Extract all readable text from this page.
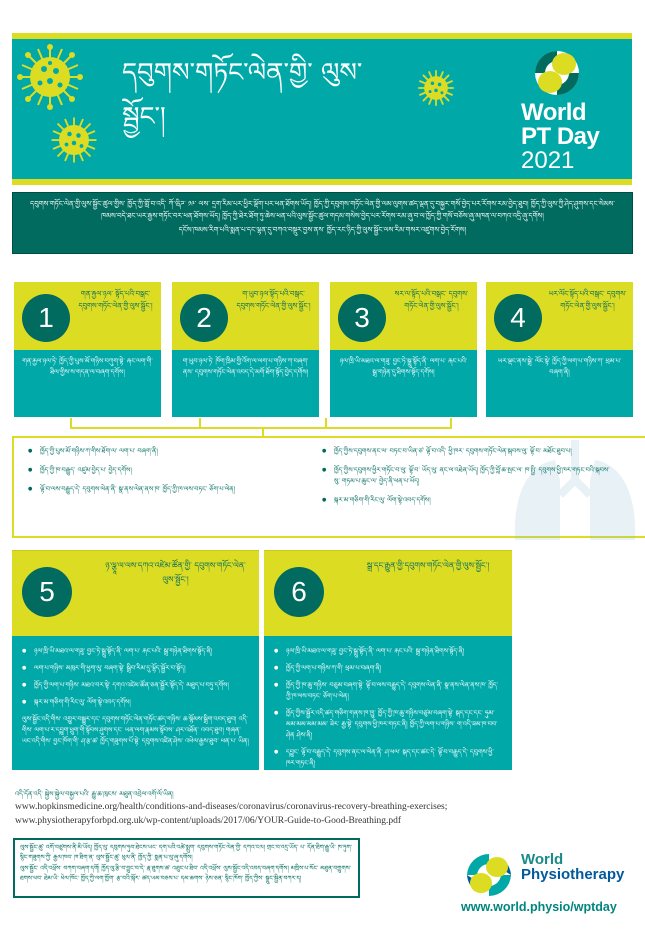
དབུགས་གཏོང་ལེན་གྱི་ ལུས་སྦྱོང་།	World
PT Day
2021

དབུགས་གཏོང་ལེན་གྱི་ལུས་སྦྱོང་ཚུལ་གྱིས་ ཁྱོད་ཀྱི་གློ་བ་འདི་ ཀོ་ཝིཌ་ ༡༩་ ལས་ དྲག་རིམ་པར་ཕྱིར་ལྡོག་པར་ཕན་ཐོགས་ཡོད། ཁྱོད་ཀྱི་དབུགས་གཏོང་ལེན་གྱི་ལམ་ལུགས་ཚད་ལྡན་དུ་བསྐྱར་གསོ་བྱེད་པར་རོགས་རམ་བྱེད་ཐུབ། ཁྱོད་ཀྱི་ལུས་ཀྱི་ཤེད་ཤུགས་དང་སེམས་ཁམས་བདེ་ཐང་ཡར་རྒྱས་གཏོང་བར་ཕན་ཐོགས་ཡོད། ཁྱོད་ཀྱི་ཐེར་ཐོག་ཏུ་ཆེས་ཕན་པའི་ལུས་སྦྱོང་ཚུལ་གདམ་གསེས་བྱེད་པར་རོགས་རམ་ཞུ་བ་ལ་ཁྱོད་ཀྱི་གསོ་བཅོས་ཞུ་མཁན་ལ་བཀའ་འདྲི་ཞུ་དགོས།

དངོས་ཁམས་རིག་པའི་སྨན་པ་དང་ལྷན་དུ་བཀའ་བསྡུར་བྱས་ནས་ ཁྱོད་རང་ཉིད་ཀྱི་ལུས་སྦྱོང་ལས་རིམ་གསར་འཛུགས་བྱེད་རོགས།

1
གན་རྐྱལ་ཉལ་ སྟོད་པའི་བསྒང་ དབུགས་གཏོང་ལེན་གྱི་ལུས་སྦྱོང་།
གན་རྐྱལ་ཉལ་ཏེ་ ཁྱོད་ཀྱི་པུས་མོ་གཉིས་བཀུག་སྟེ་ རྐང་ལག་གི་ཐིལ་གྱིས་ས་གདན་ལ་བཞག་དགོས།
2
ག་ཡུབ་ཉལ་སྟོད་པའི་བསྒང་ དབུགས་གཏོང་ལེན་གྱི་ལུས་སྦྱོང་།
ག་ཡུབ་ཉལ་ཏེ་ ཁོག་ཁྲིམ་གྱི་འོག་ལ་ལག་པ་གཉིས་ཀ་བཞག་ནས་ དབུགས་གཏོང་ལེན་འབད་དེ་མགོ་ཐོག་སྟོད་བྱེད་དགོས།
3
སར་ལ་སྟོད་པའི་བསྒང་ དབུགས་གཏོང་ལེན་གྱི་ལུས་སྦྱོང་།
ཉལ་ཁྲི་ཡི་མཐའ་ལ་གཟུ་ བྱང་ཏེ་སྒྲུ་སྟོད་ནི་ ལག་པ་ རྐང་པའི་ སྒྲ་གཉེན་དུ་ཐིགས་སྟོད་དགོས།
4
ཡར་ལོང་སྟོད་པའི་བསྒང་ དབུགས་གཏོང་ལེན་གྱི་ལུས་སྦྱོང་།
ཡར་ལྡང་ནས་སྒྲེ་ ལོང་སྟེ་ ཁྱོད་ཀྱི་ལག་པ་གཉིས་ཀ་ ཕྲམ་པ་བཞག་ནི།
● ཁྱོད་ཀྱི་པུས་མོ་གཉིས་ཀ་གིས་ཐོག་ལ་ ལག་པ་ བཞག་ནི།
● ཁྱོད་ཀྱི་ཁ་བརྒྱུད་ འཛུམ་བྱེད་པ་ བྱེད་དགོས།
● ལྟོ་བ་ལས་བརྒྱུད་དེ་ དབུགས་ལེན་ནི་ སྣ་ནས་ལེན་ནས་ཁ་ ཁྱོད་ཀྱི་ཁ་ལས་བཏང་ ཅོག་པ་ལེན།
● ཁྱོད་ཀྱིས་དབུགས་ནང་ལ་ བཏང་བ་ཡིན་ཙ་ ལྟོ་བ་འདི་ ཕྱི་ཁར་ དབུགས་གཏོང་ལེན་སྐབས་ལུ་ ལྟོ་བ་ མཐོང་ཐུབ་པ།
● ཁྱོད་ཀྱིས་དབུགས་ཕྱིར་གཏོང་བ་ལུ་ ལྟོ་བ་ ཡོད་ལུ་ ནང་ལ་འཐེན་ཡོད། ཁྱོད་ཀྱི་བློ་ཆ་སྤང་ལ་ ཁ་སྤྱི་ དབུགས་ཕྱི་ཁར་གཏང་བའི་སྐབས་སུ་ གཏམ་པ་ཆུང་ལ་ བྱེད་ནི་ཕན་པ་ཡོད།
● སྐར་མ་གཅིག་གི་རིང་ལུ་ ལོག་སྟེ་འབད་དགོས།
5
ཉ་ལྕཱ་ལ་ལས་དཀའ་འཛེམ་ཚོན་གྱི་ དབུགས་གཏོང་ལེན་ལུས་སྦྱོང་།
● ཉལ་ཁྲི་ཡི་མཐའ་ལ་གཟུ་ བྱང་ཏེ་སྒྲུ་སྟོད་ནི་ ལག་པ་ རྐང་པའི་ སྒྲ་གཉེན་ཐིགས་སྟོད་ནི།
● ལག་པ་གཉིས་ མཁུར་གི་ཕྱག་ལུ་ བཞག་སྟེ་ སྒྲིབ་རིམ་དུ་ལྷོད་སྦྱོར་བ་སྟོད།
● ཁྱོད་ཀྱི་ལག་པ་གཉིས་ མཐའ་བར་སྟེ་ དགའ་འཛེམ་ཚོན་ཅན་སྦྱོར་སྟོད་དེ་ མཐུད་པ་བཏུ་དགོས།
● སྐར་མ་གཅིག་གི་རིང་ལུ་ ལོག་སྟེ་འབད་དགོས།

ལུས་སྦྱོང་འདི་གིས་ འགྱུར་བསྒྱུར་དང་ དབུགས་གཏོང་ལེན་གཏོང་ཚད་གཉིས་ ཆ་སྙོམས་སྒྲིག་འབད་ཐུབ། འདི་གིས་ ལག་པ་ར་དབྱུག་ཕྲུག་གི་སྟོབས་ཤུགས་དང་ ཡན་ལག་རྣམས་སྟོབས་ ཤར་འཐོན་ འབད་ཐུབ། གཞན་ཡང་འདི་གིས་ བྱང་ཁོག་གི་ ཤ་རྩ་ཚ་ ཁྱོད་གཟུགས་པོ་སྟེ་ དབུགས་འཛིན་ཤེས་ འཕེལ་རྒྱས་ཐུབ་ ཕན་པ་ ཡིན།

6
སྒྲ་དང་རྒྱུན་གྱི་དབུགས་གཏོང་ལེན་གྱི་ལུས་སྦྱོང་།
● ཉལ་ཁྲི་ཡི་མཐའ་ལ་གཟུ་ བྱང་ཏེ་སྒྲུ་སྟོད་ནི་ ལག་པ་ རྐང་པའི་ སྒྲ་གཉེན་ཐིགས་སྟོད་ནི།
● ཁྱོད་ཀྱི་ལག་པ་གཉིས་ཀ་གི་ ཕྲམ་པ་བཞག་ནི།
● ཁྱོད་ཀྱི་ཁ་ཆུ་གཉིས་ བཅུམ་བཞག་སྟེ་ ལྟོ་བ་ལས་བརྒྱུད་དེ་ དབུགས་ལེན་ནི་ སྣ་ནས་ལེན་ནས་ཁ་ ཁྱོད་ཀྱི་ཁ་ལས་བཏང་ ཅོག་པ་ལེན།
● ཁྱོད་ཀྱིས་སྦྱོར་འདི་ཚད་གཅིག་གནས་ཁ་ཁྱུ་ ཁྱོད་ཀྱི་ཁ་ཆུ་གཉིས་བཙུམ་བཞག་སྟེ་ སྐད་དང་དང་ ཧུམ་མམ་མམ་མམ་མམ་ ཟེར་ རྒྱ་སྟེ་ དབུགས་ཕྱི་ཁར་གཏང་ནི། ཁྱོད་ཀྱི་ལག་པ་གཉིས་ ག་འདི་ཟམ་ཁ་བབ་ཤེན ཤེས་ནི།
● དབྱུང་ ལྟོ་བ་བརྒྱུད་དེ་ དབུགས་ནང་ལ་ལེན་ནི་ ཤ་ཕལ་ སྐད་དང་ཚང་དེ་ ལྟོ་བ་བརྒྱུད་དེ་ དབུགས་ཕྱི་ཁར་གཏང་ནི།
● སྐར་མ་གཅིག་གི་རིང་ལུ་ ལོག་སྟེ་འབད་དགོས།
འདི་དོན་འདི་ སྐྱེས་སྐྱེལ་བསྐྱལ་པའི་ རྒྱུ་ཆ་ཁུངས་ མཐུན་འབྲེལ་འགོ་ལོ་ཡིན།
www.hopkinsmedicine.org/health/conditions-and-diseases/coronavirus/coronavirus-recovery-breathing-exercises;
www.physiotherapyforbpd.org.uk/wp-content/uploads/2017/06/YOUR-Guide-to-Good-Breathing.pdf

ལུས་སྦྱོང་ཚུ་ འགོ་བཙུགས་ནི་མི་ཡོད། ཁྱོད་ལུ་ དབུགས་ཧུབ་ཐེངས་ཡང་ དག་པའི་འཚེ་སྨུག་ དབུགས་གཏོང་ལེན་གྱི་ དཀའ་ངལ། གྲང་བ་འདྲ་ཡོད་ པ་ དོན་ཐིག་རྒྱུ་ཡི་ ཁ་ཏུག་ སྙིང་གཟུགས་ཀྱི་ རྒྱལ་ཁབ་ ཁ་ཐིག་ན་ ལུས་སྦྱོང་ཚུ་ ཕུལ་ནི་ ཁྱོད་ཀྱི་ སྨན་པ་ལུ་ཞུ་དགོས།

ལུས་སྦྱོང་ འདི་འཕྲོས་ བཀག་བཞག་དགོ། ཁྱོད་ལུ་རྩི་བ་བྱུང་བ་དེ་ རྣ་ཐུགས་ཚ་ འཐུང་པ་ཐིབ་ འདི་འཕྲོས་ ལུས་སྦྱོང་འདི་འབད་བཞག་དགོས། མཁྲིས་པ་སོང་ མཐུན་བགྱུགས་ ཐགས་ཕབ་ ཐེམ་ཡི་ ཕེལ་ཁོང་ ཁྱོད་ཀྱི་ལག་ཁྱོག་ རྩ་བའི་སྐོར་ ཚད་ཡམ་བཅས་པ་ དམ་ཆགས་ ཉེས་ཅན་ སྙིང་ཁོག་ ཁྱོད་ཀྱིས་ སྒྲུང་སྦྱིན་བཀར་ད།

World
Physiotherapy
www.world.physio/wptday
